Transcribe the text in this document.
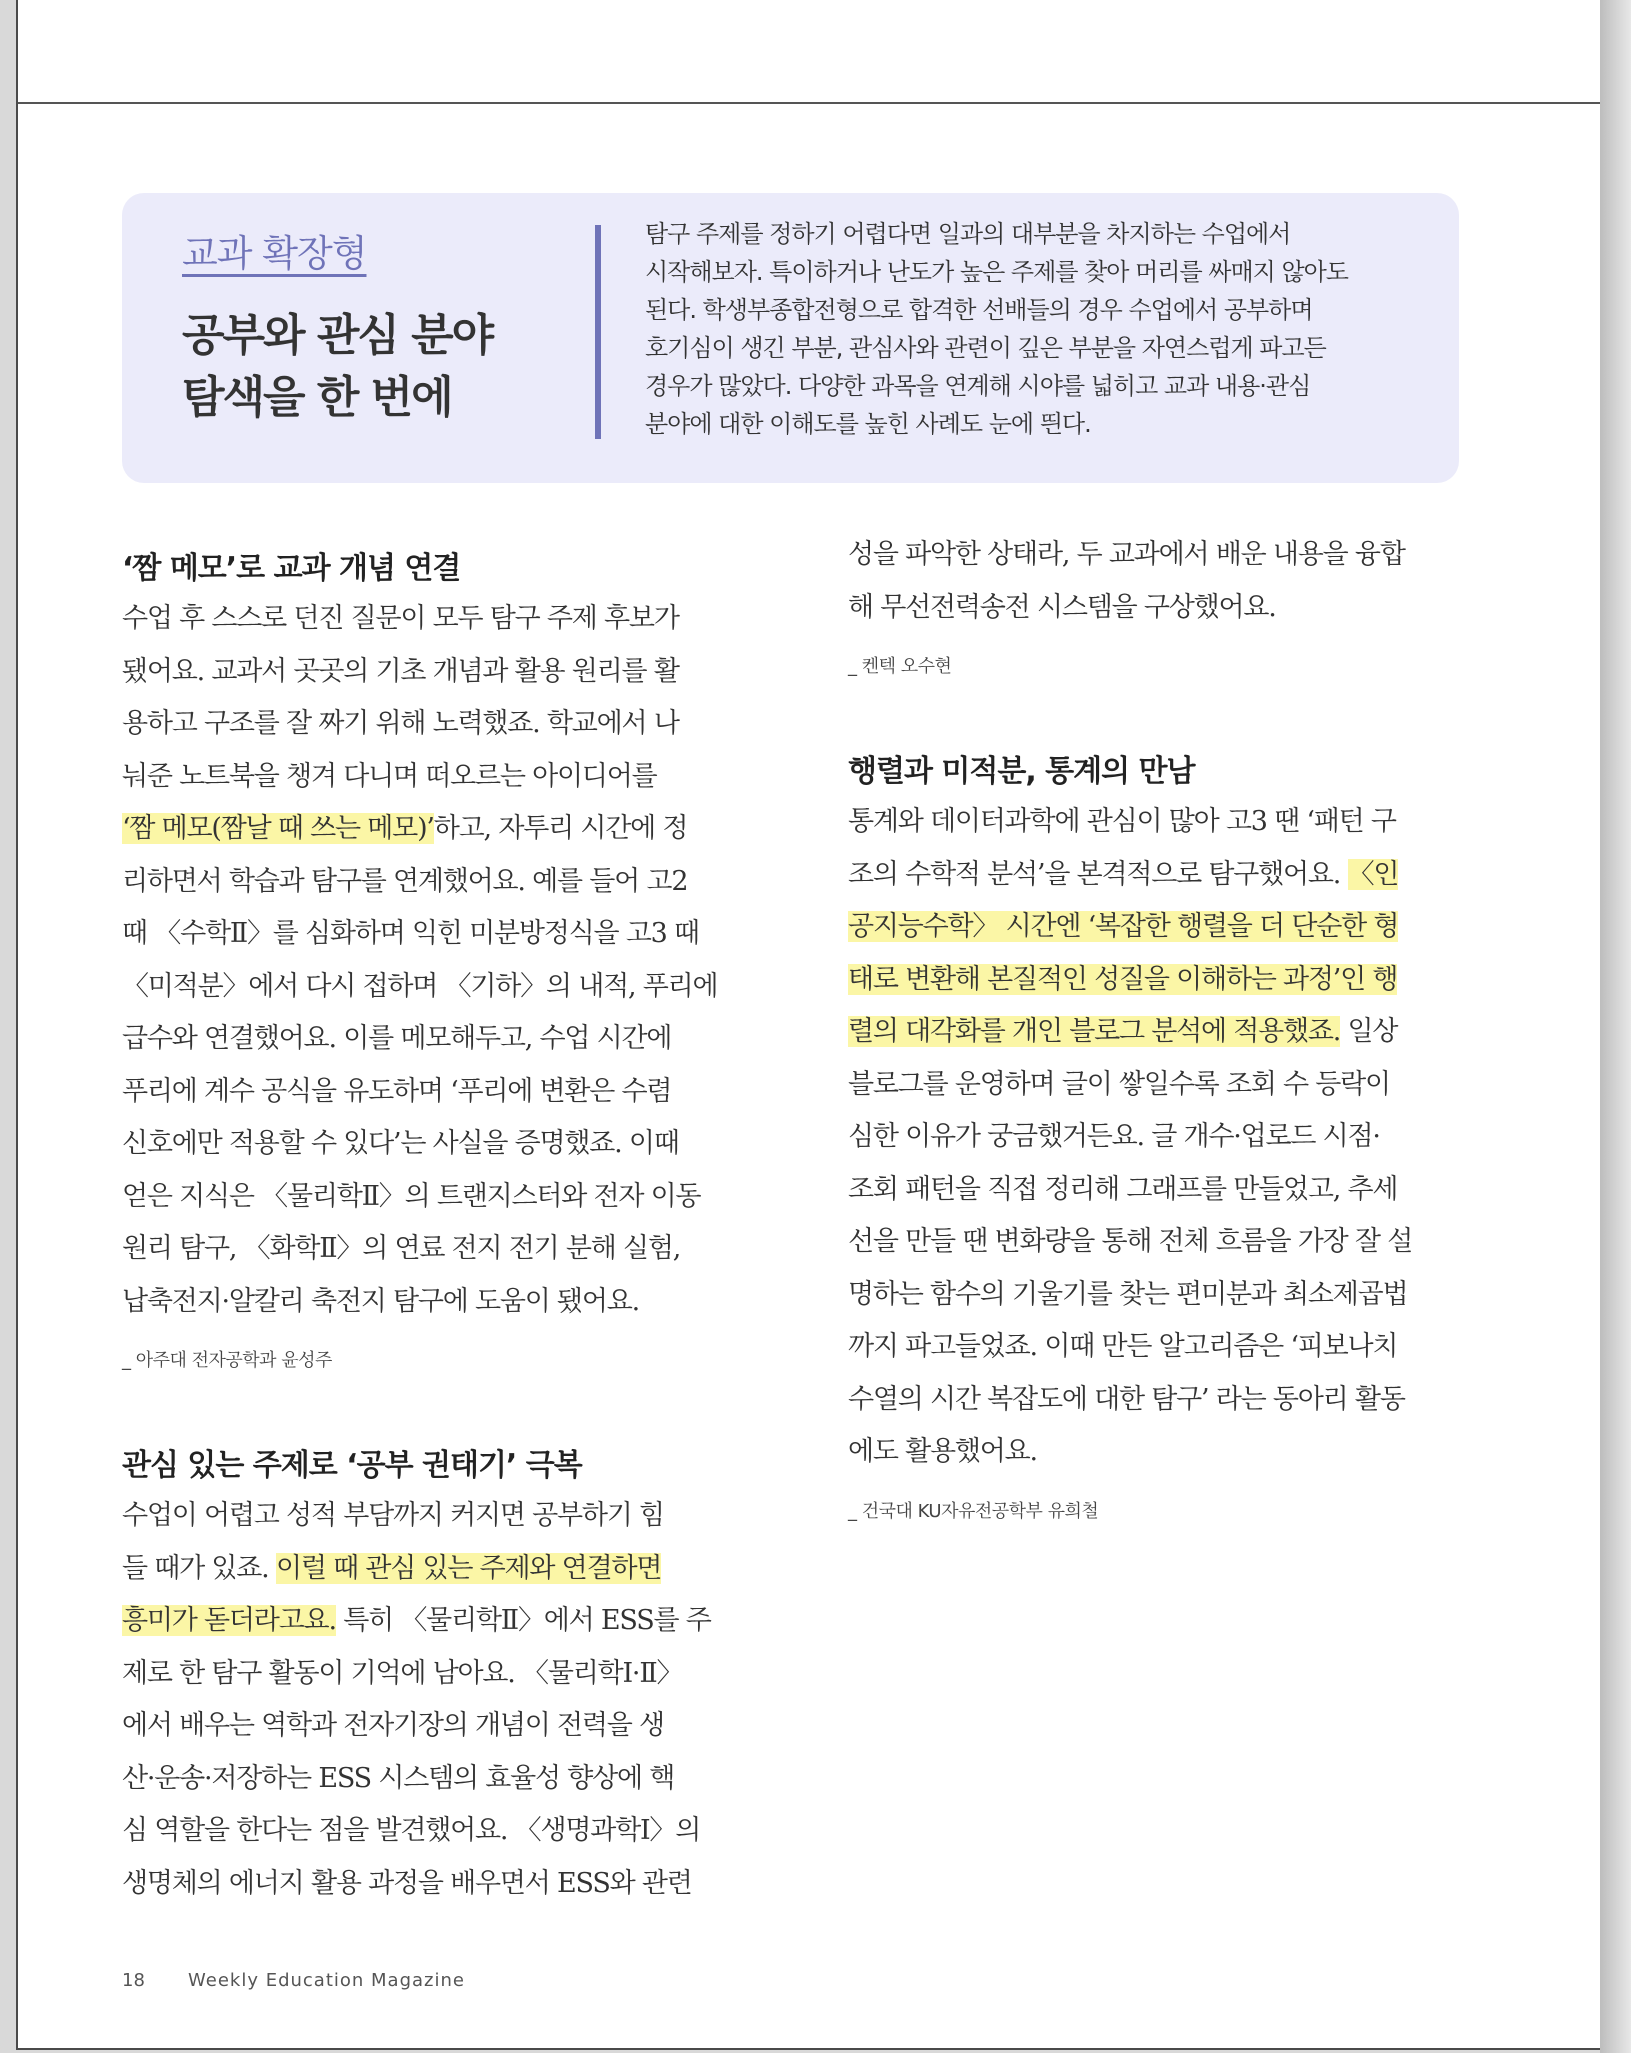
교과 확장형

공부와 관심 분야
탐색을 한 번에

탐구 주제를 정하기 어렵다면 일과의 대부분을 차지하는 수업에서
시작해보자. 특이하거나 난도가 높은 주제를 찾아 머리를 싸매지 않아도
된다. 학생부종합전형으로 합격한 선배들의 경우 수업에서 공부하며
호기심이 생긴 부분, 관심사와 관련이 깊은 부분을 자연스럽게 파고든
경우가 많았다. 다양한 과목을 연계해 시야를 넓히고 교과 내용·관심
분야에 대한 이해도를 높힌 사례도 눈에 띈다.

‘짬 메모’로 교과 개념 연결

수업 후 스스로 던진 질문이 모두 탐구 주제 후보가
됐어요. 교과서 곳곳의 기초 개념과 활용 원리를 활
용하고 구조를 잘 짜기 위해 노력했죠. 학교에서 나
눠준 노트북을 챙겨 다니며 떠오르는 아이디어를
‘짬 메모(짬날 때 쓰는 메모)’하고, 자투리 시간에 정
리하면서 학습과 탐구를 연계했어요. 예를 들어 고2
때 〈수학Ⅱ〉를 심화하며 익힌 미분방정식을 고3 때
〈미적분〉에서 다시 접하며 〈기하〉의 내적, 푸리에
급수와 연결했어요. 이를 메모해두고, 수업 시간에
푸리에 계수 공식을 유도하며 ‘푸리에 변환은 수렴
신호에만 적용할 수 있다’는 사실을 증명했죠. 이때
얻은 지식은 〈물리학Ⅱ〉의 트랜지스터와 전자 이동
원리 탐구, 〈화학Ⅱ〉의 연료 전지 전기 분해 실험,
납축전지·알칼리 축전지 탐구에 도움이 됐어요.

_ 아주대 전자공학과 윤성주

관심 있는 주제로 ‘공부 권태기’ 극복

수업이 어렵고 성적 부담까지 커지면 공부하기 힘
들 때가 있죠. 이럴 때 관심 있는 주제와 연결하면
흥미가 돋더라고요. 특히 〈물리학Ⅱ〉에서 ESS를 주
제로 한 탐구 활동이 기억에 남아요. 〈물리학Ⅰ·Ⅱ〉
에서 배우는 역학과 전자기장의 개념이 전력을 생
산·운송·저장하는 ESS 시스템의 효율성 향상에 핵
심 역할을 한다는 점을 발견했어요. 〈생명과학Ⅰ〉의
생명체의 에너지 활용 과정을 배우면서 ESS와 관련

성을 파악한 상태라, 두 교과에서 배운 내용을 융합
해 무선전력송전 시스템을 구상했어요.

_ 켄텍 오수현

행렬과 미적분, 통계의 만남

통계와 데이터과학에 관심이 많아 고3 땐 ‘패턴 구
조의 수학적 분석’을 본격적으로 탐구했어요. 〈인
공지능수학〉 시간엔 ‘복잡한 행렬을 더 단순한 형
태로 변환해 본질적인 성질을 이해하는 과정’인 행
렬의 대각화를 개인 블로그 분석에 적용했죠. 일상
블로그를 운영하며 글이 쌓일수록 조회 수 등락이
심한 이유가 궁금했거든요. 글 개수·업로드 시점·
조회 패턴을 직접 정리해 그래프를 만들었고, 추세
선을 만들 땐 변화량을 통해 전체 흐름을 가장 잘 설
명하는 함수의 기울기를 찾는 편미분과 최소제곱법
까지 파고들었죠. 이때 만든 알고리즘은 ‘피보나치
수열의 시간 복잡도에 대한 탐구’ 라는 동아리 활동
에도 활용했어요.

_ 건국대 KU자유전공학부 유희철

18 Weekly Education Magazine
